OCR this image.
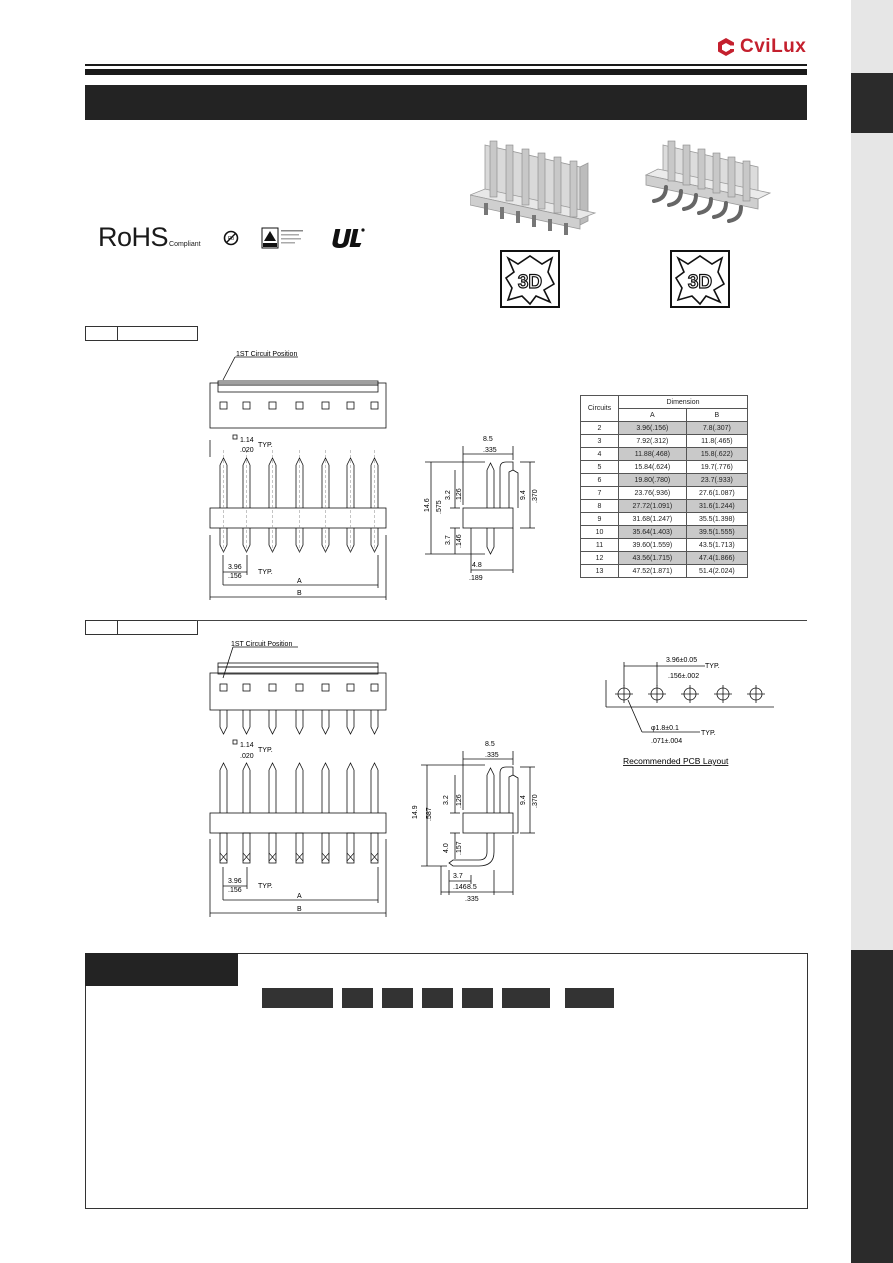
CviLux
RoHSCompliant
Pb
3D	3D
1ST Circuit Position
1.14
TYP.
.020
3.96
TYP.
.156
A
B
8.5
.335
14.6 .575
3.2 .126
3.7 .146
9.4 .370
4.8
.189
Circuits	Dimension	
	A	B
2	3.96(.156)	7.8(.307)
3	7.92(.312)	11.8(.465)
4	11.88(.468)	15.8(.622)
5	15.84(.624)	19.7(.776)
6	19.80(.780)	23.7(.933)
7	23.76(.936)	27.6(1.087)
8	27.72(1.091)	31.6(1.244)
9	31.68(1.247)	35.5(1.398)
10	35.64(1.403)	39.5(1.555)
11	39.60(1.559)	43.5(1.713)
12	43.56(1.715)	47.4(1.866)
13	47.52(1.871)	51.4(2.024)
1ST Circuit Position
1.14
TYP.
.020
3.96
TYP.
.156
A
B
8.5
.335
14.9 .587
3.2 .126
4.0 .157
9.4 .370
3.7
.146 8.5
.335
3.96±0.05
TYP.
.156±.002
φ1.8±0.1
TYP.
.071±.004
Recommended PCB Layout
